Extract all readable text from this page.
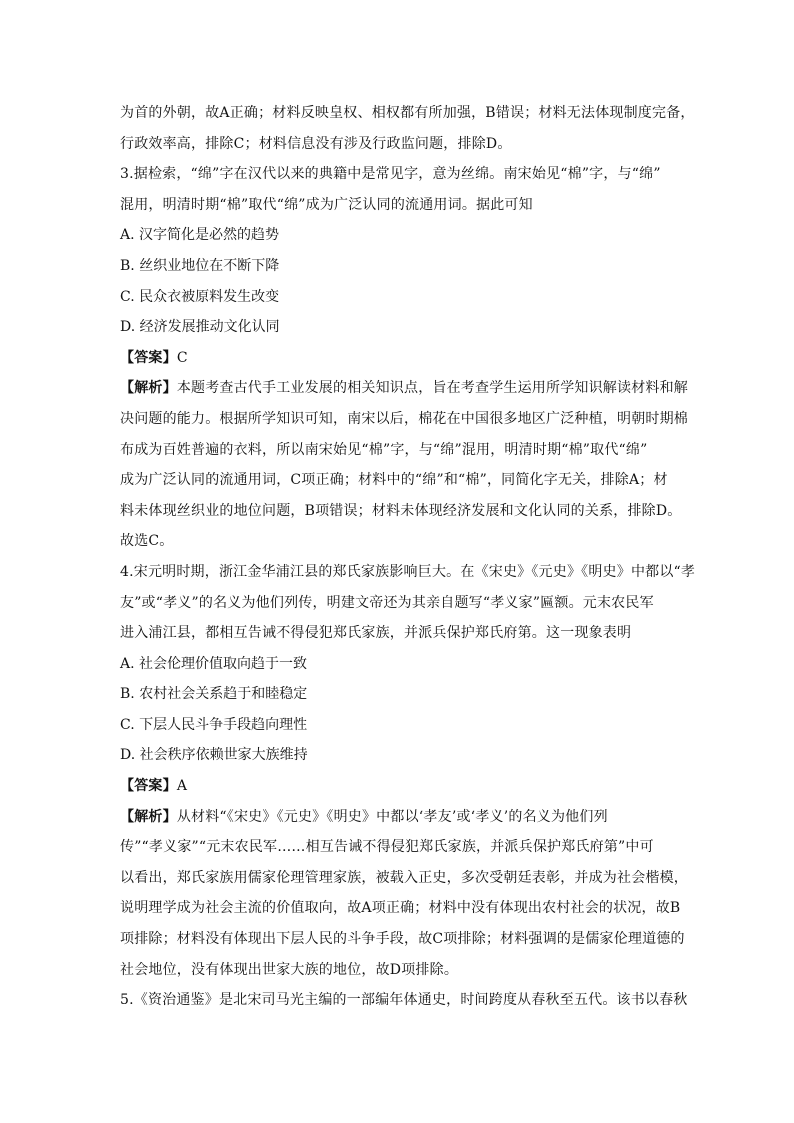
为首的外朝，故A正确；材料反映皇权、相权都有所加强，B错误；材料无法体现制度完备，
行政效率高，排除C；材料信息没有涉及行政监问题，排除D。
3.据检索，“绵”字在汉代以来的典籍中是常见字，意为丝绵。南宋始见“棉”字，与“绵”
混用，明清时期“棉”取代“绵”成为广泛认同的流通用词。据此可知
A. 汉字简化是必然的趋势
B. 丝织业地位在不断下降
C. 民众衣被原料发生改变
D. 经济发展推动文化认同
【答案】C
【解析】本题考查古代手工业发展的相关知识点，旨在考查学生运用所学知识解读材料和解
决问题的能力。根据所学知识可知，南宋以后，棉花在中国很多地区广泛种植，明朝时期棉
布成为百姓普遍的衣料，所以南宋始见“棉”字，与“绵”混用，明清时期“棉”取代“绵”
成为广泛认同的流通用词，C项正确；材料中的“绵”和“棉”，同简化字无关，排除A；材
料未体现丝织业的地位问题，B项错误；材料未体现经济发展和文化认同的关系，排除D。
故选C。
4.宋元明时期，浙江金华浦江县的郑氏家族影响巨大。在《宋史》《元史》《明史》中都以“孝
友”或“孝义”的名义为他们列传，明建文帝还为其亲自题写“孝义家”匾额。元末农民军
进入浦江县，都相互告诫不得侵犯郑氏家族，并派兵保护郑氏府第。这一现象表明
A. 社会伦理价值取向趋于一致
B. 农村社会关系趋于和睦稳定
C. 下层人民斗争手段趋向理性
D. 社会秩序依赖世家大族维持
【答案】A
【解析】从材料“《宋史》《元史》《明史》中都以‘孝友’或‘孝义’的名义为他们列
传”“孝义家”“元末农民军……相互告诫不得侵犯郑氏家族，并派兵保护郑氏府第”中可
以看出，郑氏家族用儒家伦理管理家族，被载入正史，多次受朝廷表彰，并成为社会楷模，
说明理学成为社会主流的价值取向，故A项正确；材料中没有体现出农村社会的状况，故B
项排除；材料没有体现出下层人民的斗争手段，故C项排除；材料强调的是儒家伦理道德的
社会地位，没有体现出世家大族的地位，故D项排除。
5.《资治通鉴》是北宋司马光主编的一部编年体通史，时间跨度从春秋至五代。该书以春秋
